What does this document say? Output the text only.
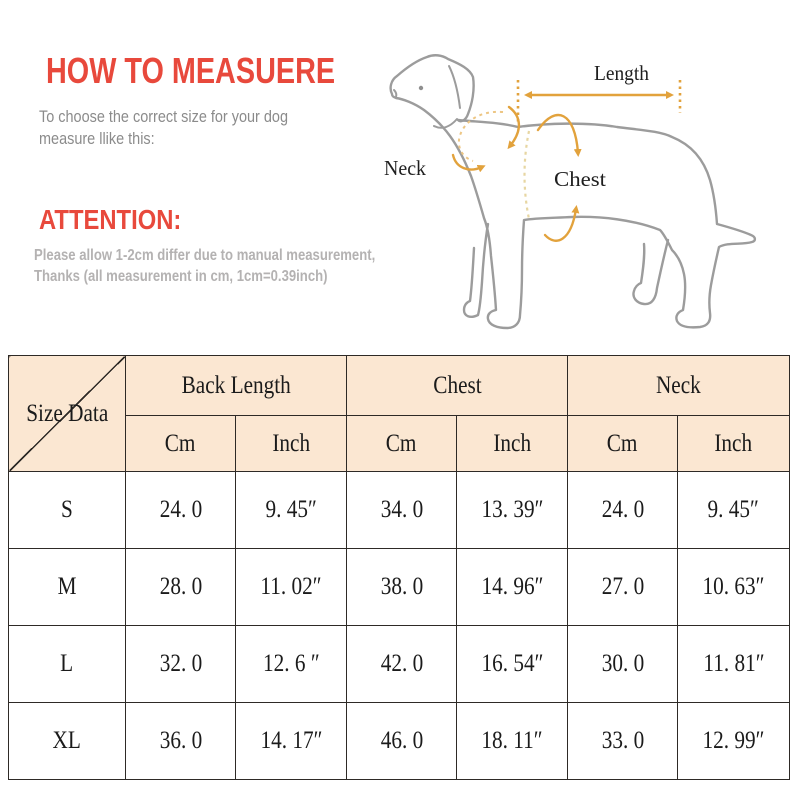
HOW TO MEASUERE

To choose the correct size for your dog
measure llike this:

ATTENTION:

Please allow 1-2cm differ due to manual measurement,
Thanks (all measurement in cm, 1cm=0.39inch)

Length
Neck	Chest
Size Data	Back Length		Chest		Neck	
	Cm	Inch	Cm	Inch	Cm	Inch
S	24. 0	9. 45″	34. 0	13. 39″	24. 0	9. 45″
M	28. 0	11. 02″	38. 0	14. 96″	27. 0	10. 63″
L	32. 0	12. 6 ″	42. 0	16. 54″	30. 0	11. 81″
XL	36. 0	14. 17″	46. 0	18. 11″	33. 0	12. 99″
